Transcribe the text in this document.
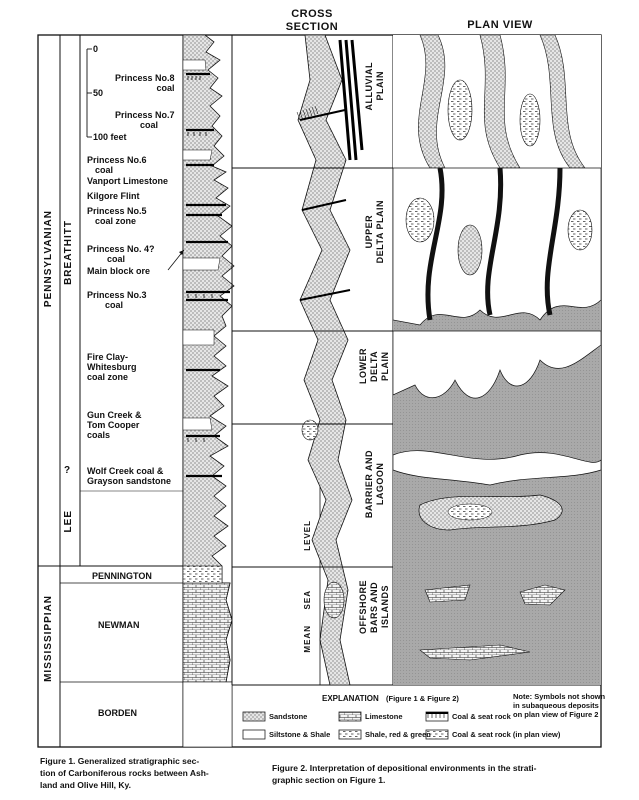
CROSS
SECTION	PLAN VIEW
PENNSYLVANIAN
MISSISSIPPIAN
BREATHITT
LEE
?
0
50
100 feet
Princess No.8
coal
Princess No.7
coal
Princess No.6
coal
Vanport Limestone
Kilgore Flint
Princess No.5
coal zone
Princess No. 4?
coal
Main block ore
Princess No.3
coal
Fire Clay-
Whitesburg
coal zone
Gun Creek &
Tom Cooper
coals
Wolf Creek coal &
Grayson sandstone
PENNINGTON
NEWMAN
BORDEN
MEAN
SEA
LEVEL
ALLUVIAL
PLAIN
UPPER
DELTA PLAIN
LOWER
DELTA
PLAIN
BARRIER AND
LAGOON
OFFSHORE
BARS AND
ISLANDS
EXPLANATION (Figure 1 & Figure 2)	Note: Symbols not shown
in subaqueous deposits
on plan view of Figure 2
Sandstone
Siltstone & Shale
Limestone
Shale, red & green
Coal & seat rock
Coal & seat rock (in plan view)
Figure 1. Generalized stratigraphic sec-
tion of Carboniferous rocks between Ash-
land and Olive Hill, Ky.
Figure 2. Interpretation of depositional environments in the strati-
graphic section on Figure 1.
